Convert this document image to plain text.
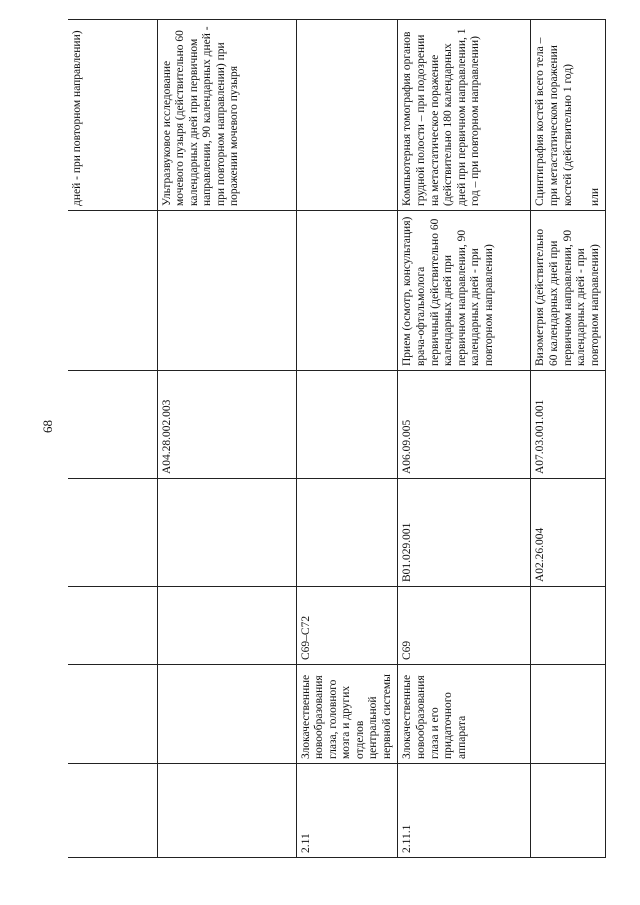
68
						дней - при повторном направлении)
				A04.28.002.003		Ультразвуковое исследование мочевого пузыря (действительно 60 календарных дней при первичном направлении, 90 календарных дней - при повторном направлении) при поражении мочевого пузыря
2.11	Злокачественные новообразования глаза, головного мозга и других отделов центральной нервной системы	C69–C72				
2.11.1	Злокачественные новообразования глаза и его придаточного аппарата	C69	B01.029.001	A06.09.005	Прием (осмотр, консультация) врача-офтальмолога первичный (действительно 60 календарных дней при первичном направлении, 90 календарных дней - при повторном направлении)	Компьютерная томография органов грудной полости – при подозрении на метастатическое поражение (действительно 180 календарных дней при первичном направлении, 1 год – при повторном направлении)
			A02.26.004	A07.03.001.001	Визометрия (действительно 60 календарных дней при первичном направлении, 90 календарных дней - при повторном направлении)	Сцинтиграфия костей всего тела – при метастатическом поражении костей (действительно 1 год)

или
